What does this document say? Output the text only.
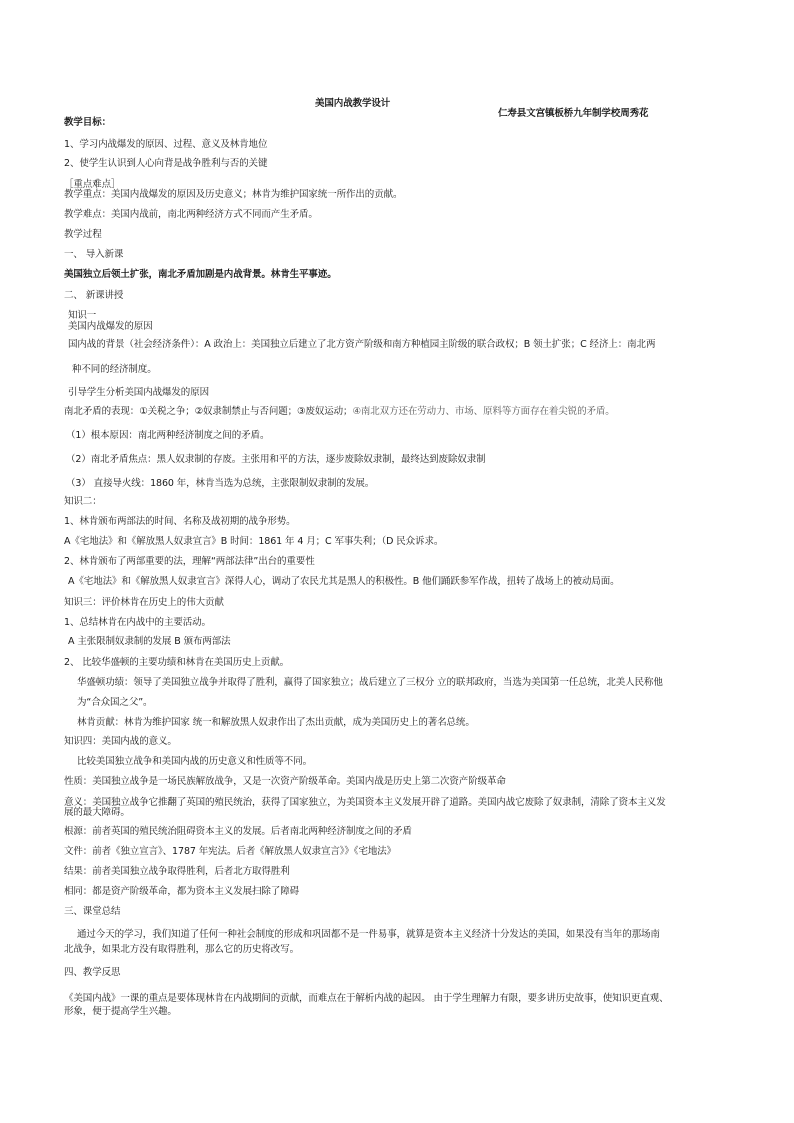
美国内战教学设计
仁寿县文宫镇板桥九年制学校周秀花
教学目标：
1、学习内战爆发的原因、过程、意义及林肯地位
2、使学生认识到人心向背是战争胜利与否的关键
［重点难点］
教学重点：美国内战爆发的原因及历史意义；林肯为维护国家统一所作出的贡献。
教学难点：美国内战前，南北两种经济方式不同而产生矛盾。
教学过程
一、 导入新课
美国独立后领土扩张，南北矛盾加剧是内战背景。林肯生平事迹。
二、 新课讲授
知识一
美国内战爆发的原因
国内战的背景（社会经济条件）：A 政治上：美国独立后建立了北方资产阶级和南方种植园主阶级的联合政权；B 领土扩张；C 经济上：南北两
种不同的经济制度。
引导学生分析美国内战爆发的原因
南北矛盾的表现：①关税之争；②奴隶制禁止与否问题；③废奴运动；④南北双方还在劳动力、市场、原料等方面存在着尖锐的矛盾。
（1）根本原因：南北两种经济制度之间的矛盾。
（2）南北矛盾焦点：黑人奴隶制的存废。主张用和平的方法，逐步废除奴隶制，最终达到废除奴隶制
（3） 直接导火线：1860 年，林肯当选为总统，主张限制奴隶制的发展。
知识二：
1、林肯颁布两部法的时间、名称及战初期的战争形势。
A《宅地法》和《解放黑人奴隶宣言》B 时间：1861 年 4 月；C 军事失利；（D 民众诉求。
2、林肯颁布了两部重要的法，理解“两部法律”出台的重要性
A《宅地法》和《解放黑人奴隶宣言》深得人心，调动了农民尤其是黑人的积极性。B 他们踊跃参军作战，扭转了战场上的被动局面。
知识三：评价林肯在历史上的伟大贡献
1、总结林肯在内战中的主要活动。
A 主张限制奴隶制的发展 B 颁布两部法
2、 比较华盛顿的主要功绩和林肯在美国历史上贡献。
华盛顿功绩：领导了美国独立战争并取得了胜利，赢得了国家独立；战后建立了三权分 立的联邦政府，当选为美国第一任总统，北美人民称他
为“合众国之父”。
林肯贡献：林肯为维护国家 统一和解放黑人奴隶作出了杰出贡献，成为美国历史上的著名总统。
知识四：美国内战的意义。
比较美国独立战争和美国内战的历史意义和性质等不同。
性质：美国独立战争是一场民族解放战争，又是一次资产阶级革命。美国内战是历史上第二次资产阶级革命
意义：美国独立战争它推翻了英国的殖民统治，获得了国家独立，为美国资本主义发展开辟了道路。美国内战它废除了奴隶制，清除了资本主义发
展的最大障碍。
根源：前者英国的殖民统治阻碍资本主义的发展。后者南北两种经济制度之间的矛盾
文件：前者《独立宣言》、1787 年宪法。后者《解放黑人奴隶宣言》》《宅地法》
结果：前者美国独立战争取得胜利，后者北方取得胜利
相同：都是资产阶级革命，都为资本主义发展扫除了障碍
三、课堂总结
通过今天的学习，我们知道了任何一种社会制度的形成和巩固都不是一件易事，就算是资本主义经济十分发达的美国，如果没有当年的那场南
北战争，如果北方没有取得胜利，那么它的历史将改写。
四、教学反思
《美国内战》一课的重点是要体现林肯在内战期间的贡献，而难点在于解析内战的起因。 由于学生理解力有限，要多讲历史故事，使知识更直观、
形象，便于提高学生兴趣。
